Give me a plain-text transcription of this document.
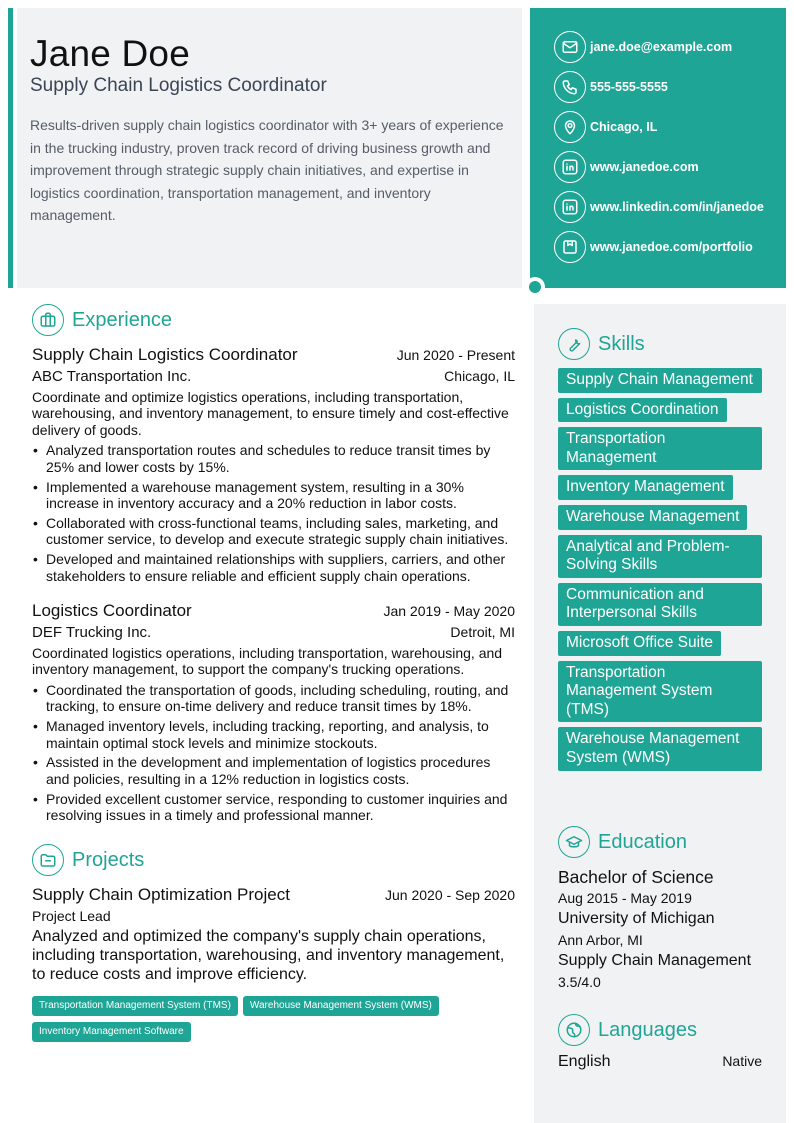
Jane Doe
Supply Chain Logistics Coordinator
Results-driven supply chain logistics coordinator with 3+ years of experience in the trucking industry, proven track record of driving business growth and improvement through strategic supply chain initiatives, and expertise in logistics coordination, transportation management, and inventory management.
jane.doe@example.com
555-555-5555
Chicago, IL
www.janedoe.com
www.linkedin.com/in/janedoe
www.janedoe.com/portfolio
Experience
Supply Chain Logistics Coordinator	Jun 2020 - Present
ABC Transportation Inc.	Chicago, IL
Coordinate and optimize logistics operations, including transportation, warehousing, and inventory management, to ensure timely and cost-effective delivery of goods.
• Analyzed transportation routes and schedules to reduce transit times by 25% and lower costs by 15%.
• Implemented a warehouse management system, resulting in a 30% increase in inventory accuracy and a 20% reduction in labor costs.
• Collaborated with cross-functional teams, including sales, marketing, and customer service, to develop and execute strategic supply chain initiatives.
• Developed and maintained relationships with suppliers, carriers, and other stakeholders to ensure reliable and efficient supply chain operations.
Logistics Coordinator	Jan 2019 - May 2020
DEF Trucking Inc.	Detroit, MI
Coordinated logistics operations, including transportation, warehousing, and inventory management, to support the company's trucking operations.
• Coordinated the transportation of goods, including scheduling, routing, and tracking, to ensure on-time delivery and reduce transit times by 18%.
• Managed inventory levels, including tracking, reporting, and analysis, to maintain optimal stock levels and minimize stockouts.
• Assisted in the development and implementation of logistics procedures and policies, resulting in a 12% reduction in logistics costs.
• Provided excellent customer service, responding to customer inquiries and resolving issues in a timely and professional manner.
Projects
Supply Chain Optimization Project	Jun 2020 - Sep 2020
Project Lead
Analyzed and optimized the company's supply chain operations, including transportation, warehousing, and inventory management, to reduce costs and improve efficiency.
Transportation Management System (TMS)	Warehouse Management System (WMS)
Inventory Management Software
Skills
Supply Chain Management Logistics Coordination Transportation Management Inventory Management Warehouse Management Analytical and Problem-Solving Skills Communication and Interpersonal Skills Microsoft Office Suite Transportation Management System (TMS) Warehouse Management System (WMS)
Education
Bachelor of Science
Aug 2015 - May 2019
University of Michigan
Ann Arbor, MI
Supply Chain Management
3.5/4.0
Languages
English	Native
